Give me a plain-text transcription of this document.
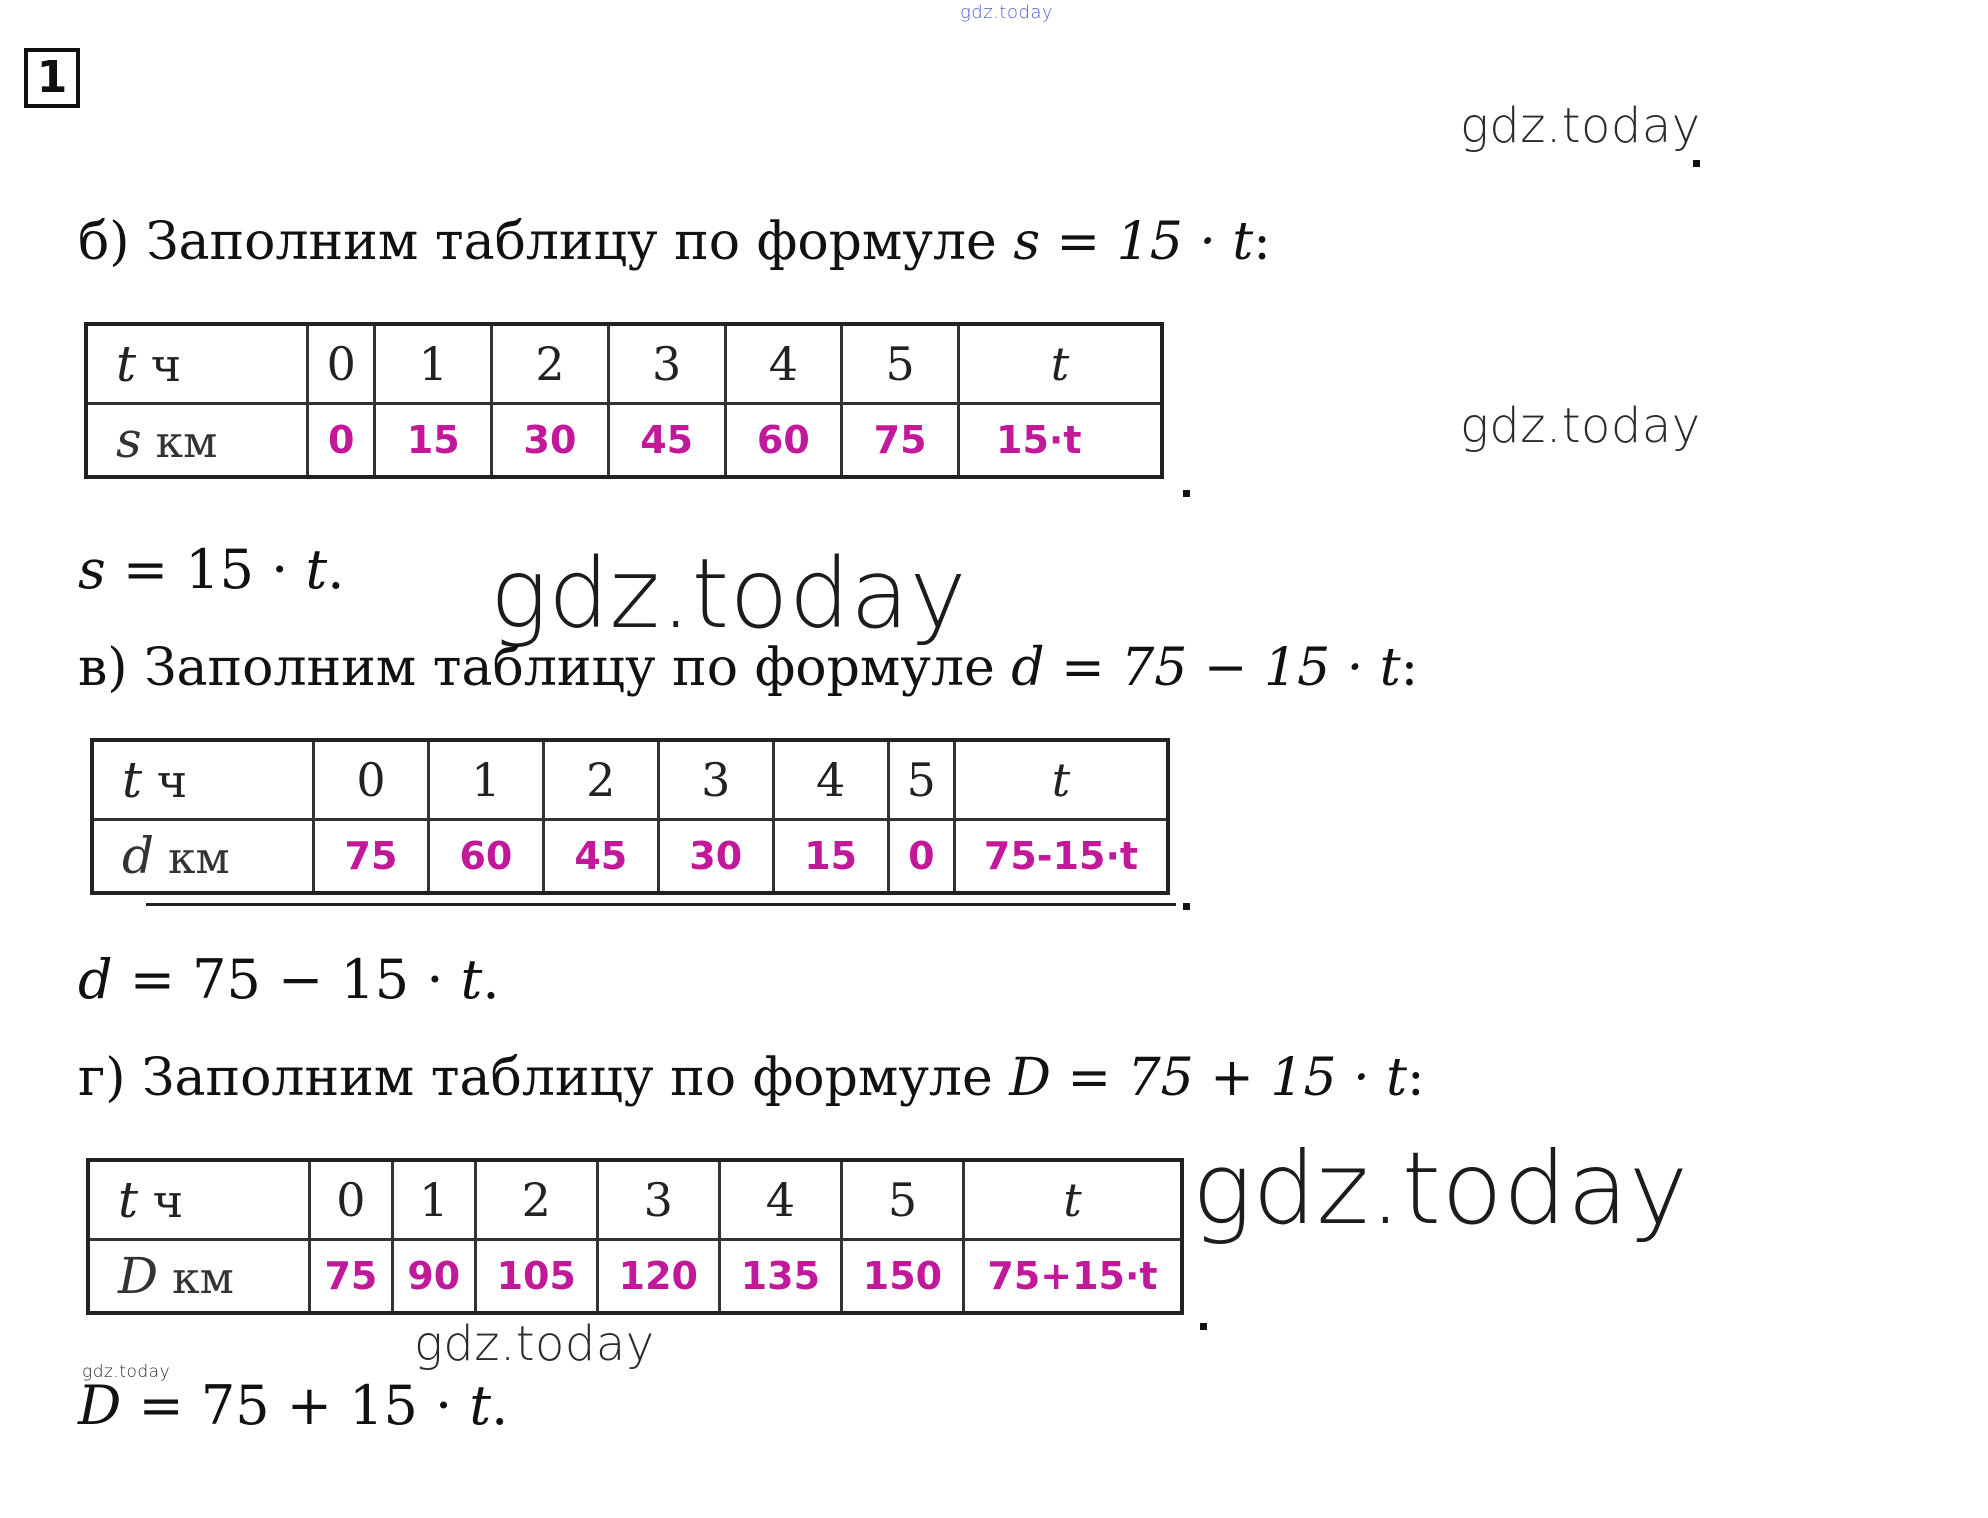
gdz.today
1
gdz.today
б) Заполним таблицу по формуле s = 15 · t:
t ч	0	1	2	3	4	5	t
s км	0	15	30	45	60	75	15·t	gdz.today
s = 15 · t. gdz.today
в) Заполним таблицу по формуле d = 75 − 15 · t:
t ч	0	1	2	3	4	5	t
d км	75	60	45	30	15	0	75-15·t
d = 75 − 15 · t.
г) Заполним таблицу по формуле D = 75 + 15 · t:
t ч	0	1	2	3	4	5	t
D км	75	90	105	120	135	150	75+15·t
gdz.today
gdz.today
gdz.today
D = 75 + 15 · t.
